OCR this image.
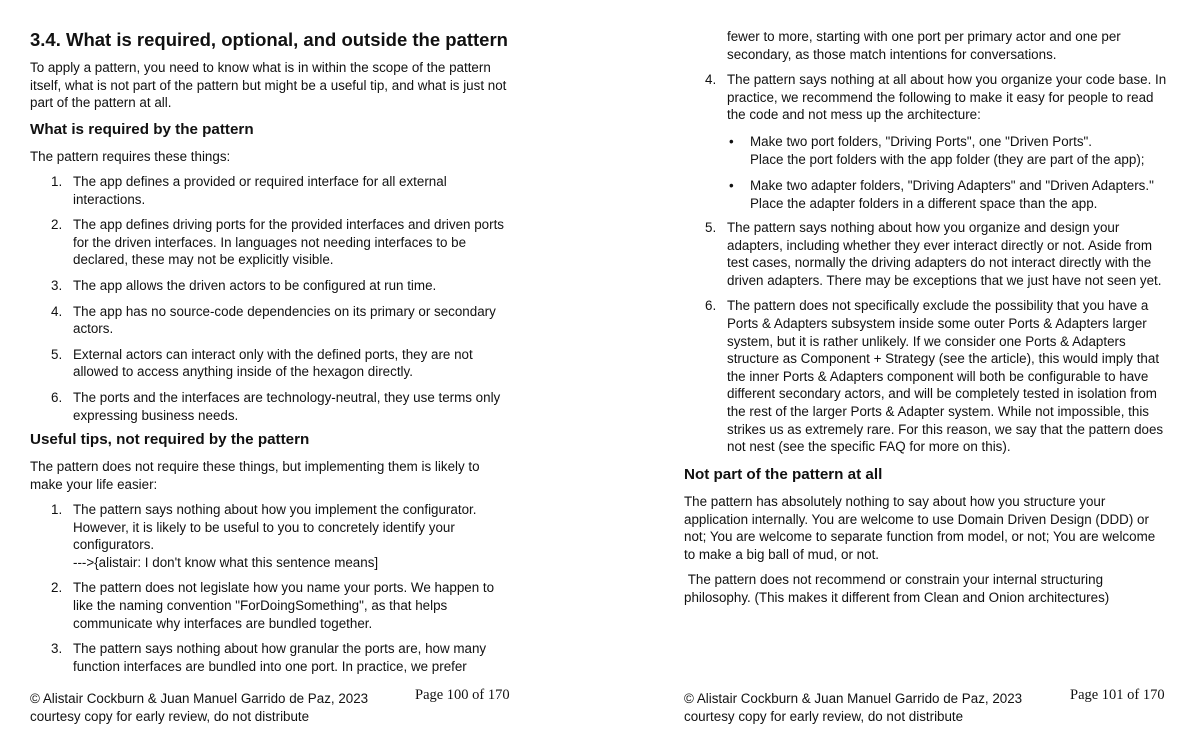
3.4. What is required, optional, and outside the pattern

To apply a pattern, you need to know what is in within the scope of the pattern itself, what is not part of the pattern but might be a useful tip, and what is just not part of the pattern at all.

What is required by the pattern

The pattern requires these things:

1. The app defines a provided or required interface for all external interactions.
2. The app defines driving ports for the provided interfaces and driven ports for the driven interfaces. In languages not needing interfaces to be declared, these may not be explicitly visible.
3. The app allows the driven actors to be configured at run time.
4. The app has no source-code dependencies on its primary or secondary actors.
5. External actors can interact only with the defined ports, they are not allowed to access anything inside of the hexagon directly.
6. The ports and the interfaces are technology-neutral, they use terms only expressing business needs.
Useful tips, not required by the pattern

The pattern does not require these things, but implementing them is likely to make your life easier:

1. The pattern says nothing about how you implement the configurator. However, it is likely to be useful to you to concretely identify your configurators.
--->{alistair: I don't know what this sentence means]
2. The pattern does not legislate how you name your ports. We happen to like the naming convention "ForDoingSomething", as that helps communicate why interfaces are bundled together.
3. The pattern says nothing about how granular the ports are, how many function interfaces are bundled into one port. In practice, we prefer
© Alistair Cockburn & Juan Manuel Garrido de Paz, 2023
courtesy copy for early review, do not distribute
Page 100 of 170

fewer to more, starting with one port per primary actor and one per secondary, as those match intentions for conversations.

4. The pattern says nothing at all about how you organize your code base. In practice, we recommend the following to make it easy for people to read the code and not mess up the architecture:
• Make two port folders, "Driving Ports", one "Driven Ports".
Place the port folders with the app folder (they are part of the app);
• Make two adapter folders, "Driving Adapters" and "Driven Adapters."
Place the adapter folders in a different space than the app.
5. The pattern says nothing about how you organize and design your adapters, including whether they ever interact directly or not. Aside from test cases, normally the driving adapters do not interact directly with the driven adapters. There may be exceptions that we just have not seen yet.
6. The pattern does not specifically exclude the possibility that you have a Ports & Adapters subsystem inside some outer Ports & Adapters larger system, but it is rather unlikely. If we consider one Ports & Adapters structure as Component + Strategy (see the article), this would imply that the inner Ports & Adapters component will both be configurable to have different secondary actors, and will be completely tested in isolation from the rest of the larger Ports & Adapter system. While not impossible, this strikes us as extremely rare. For this reason, we say that the pattern does not nest (see the specific FAQ for more on this).
Not part of the pattern at all

The pattern has absolutely nothing to say about how you structure your application internally. You are welcome to use Domain Driven Design (DDD) or not; You are welcome to separate function from model, or not; You are welcome to make a big ball of mud, or not.

The pattern does not recommend or constrain your internal structuring philosophy. (This makes it different from Clean and Onion architectures)

© Alistair Cockburn & Juan Manuel Garrido de Paz, 2023
courtesy copy for early review, do not distribute
Page 101 of 170
